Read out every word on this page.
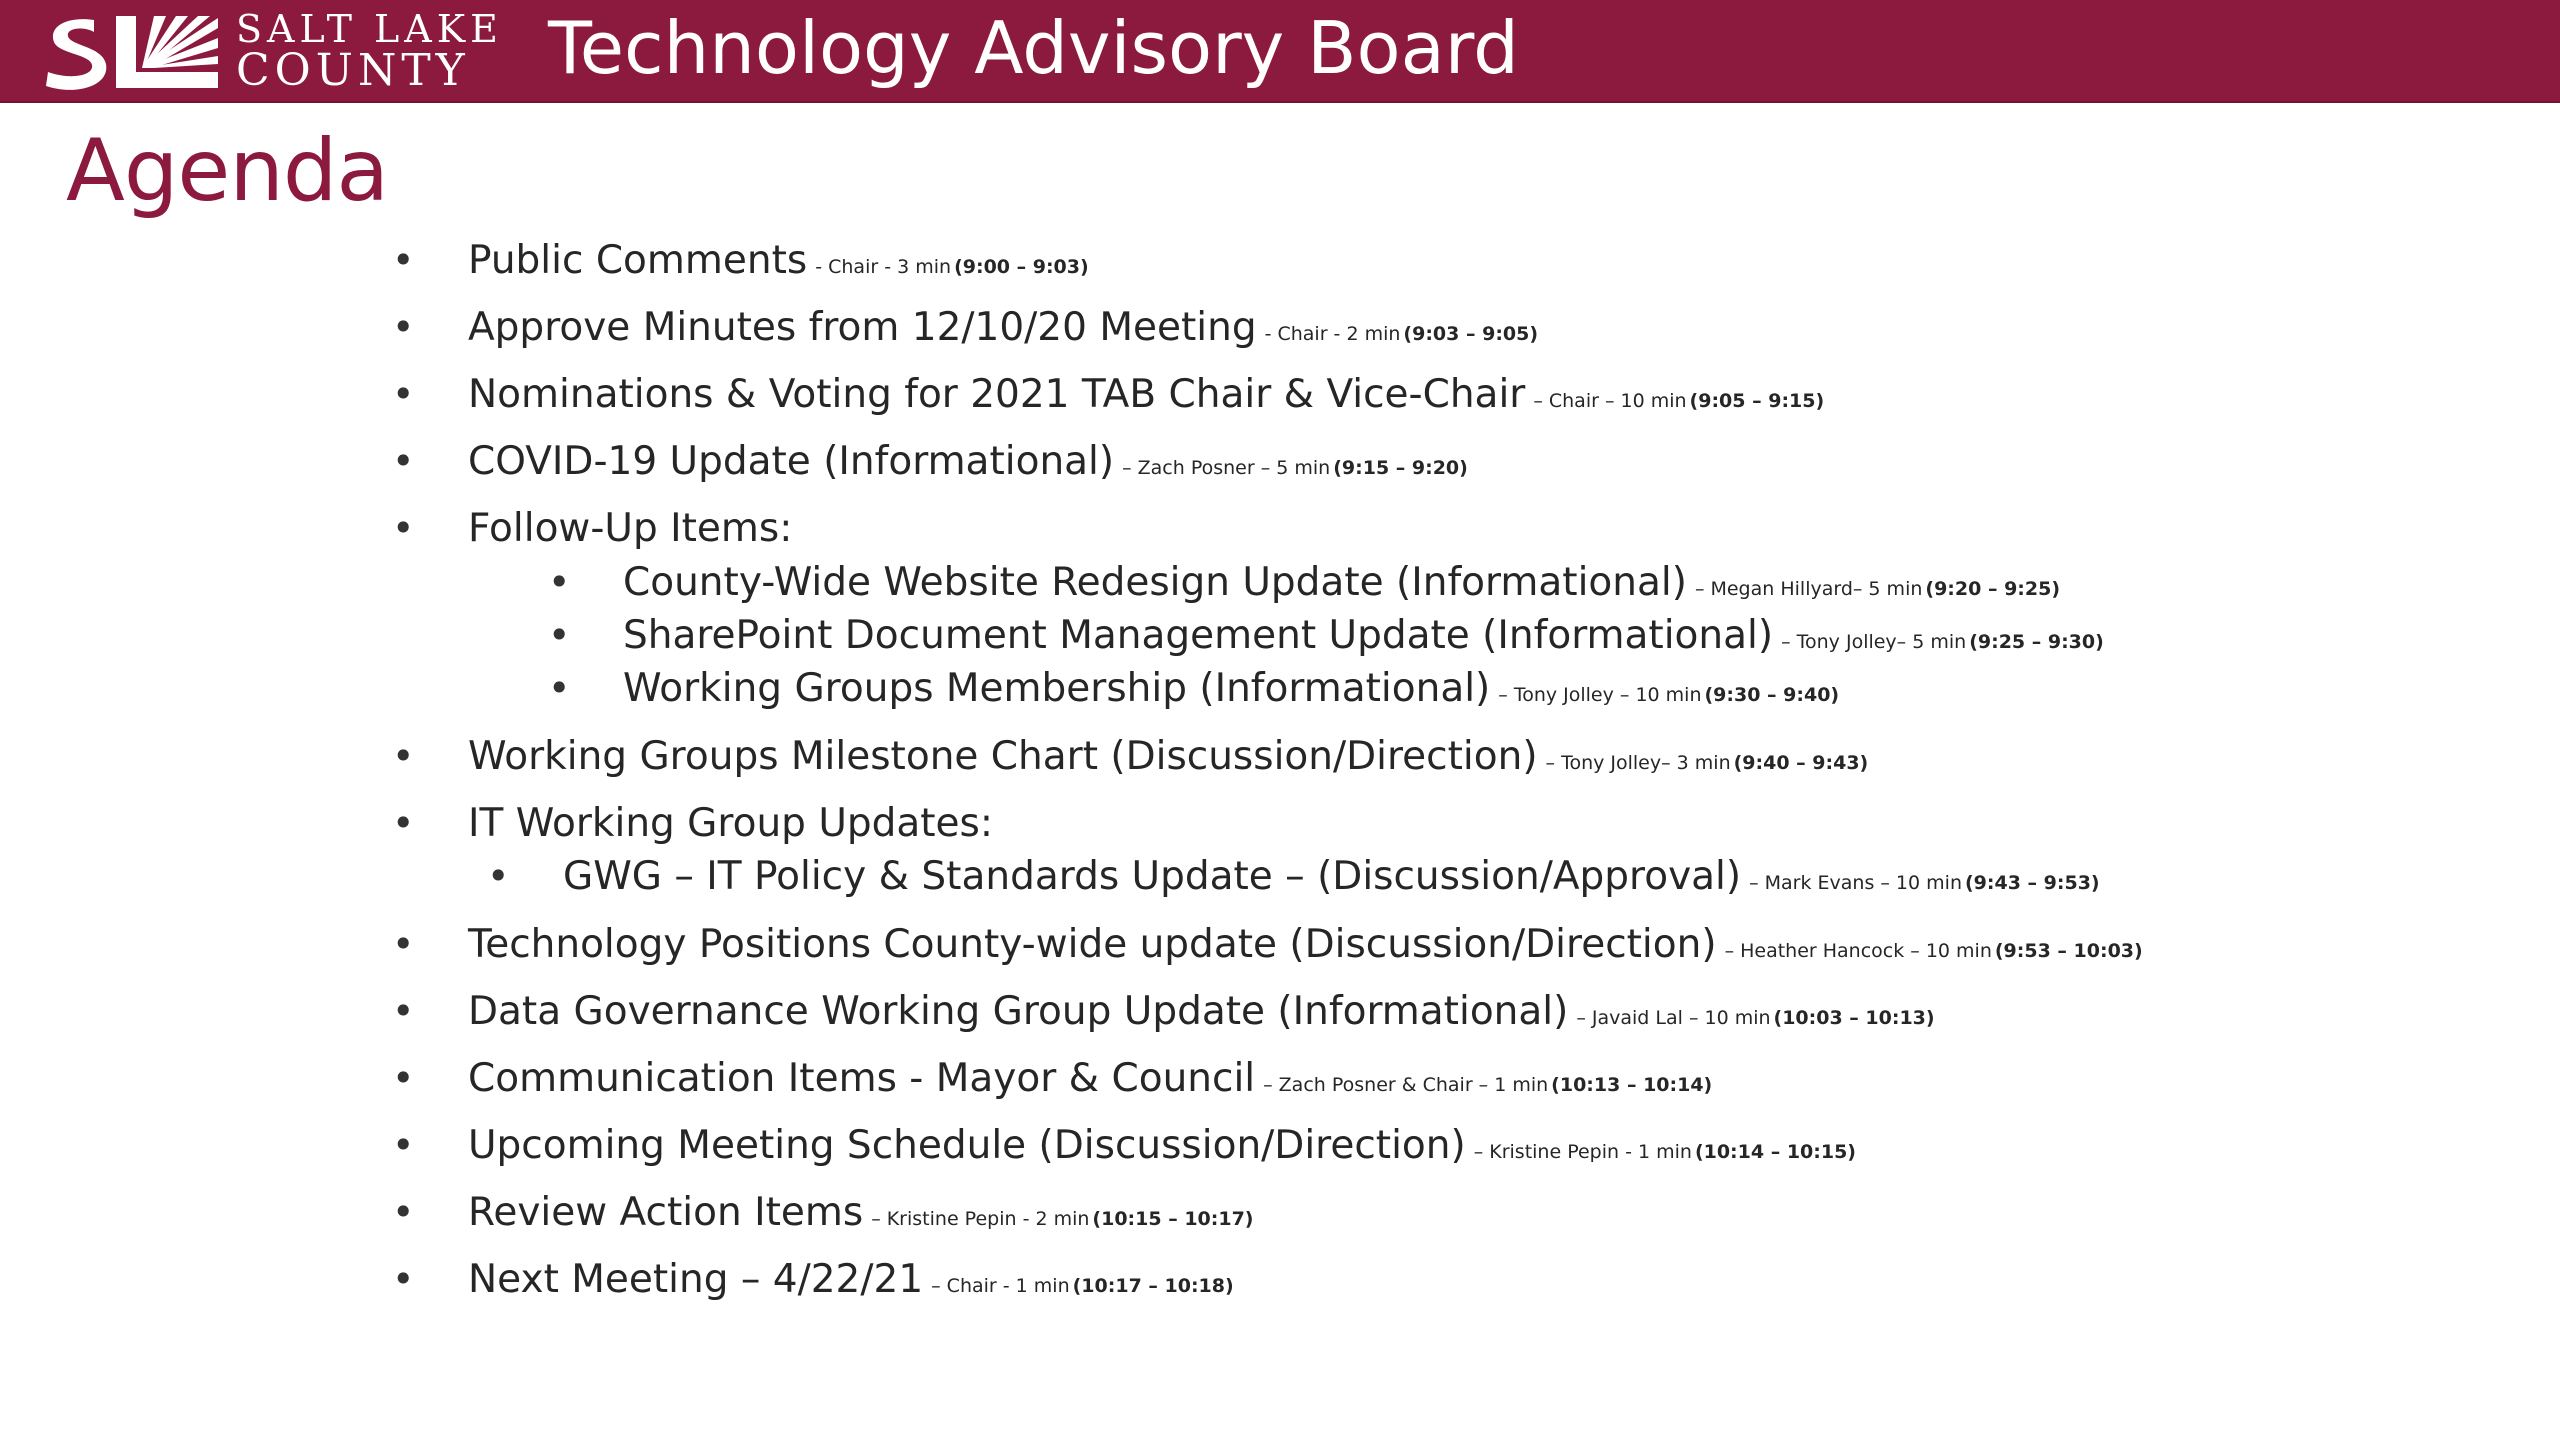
SALT LAKE
COUNTY	Technology Advisory Board
Agenda
• Public Comments - Chair - 3 min (9:00 – 9:03)
• Approve Minutes from 12/10/20 Meeting - Chair - 2 min (9:03 – 9:05)
• Nominations & Voting for 2021 TAB Chair & Vice-Chair – Chair – 10 min (9:05 – 9:15)
• COVID-19 Update (Informational) – Zach Posner – 5 min (9:15 – 9:20)
• Follow-Up Items:
• County-Wide Website Redesign Update (Informational) – Megan Hillyard– 5 min (9:20 – 9:25)
• SharePoint Document Management Update (Informational) – Tony Jolley– 5 min (9:25 – 9:30)
• Working Groups Membership (Informational) – Tony Jolley – 10 min (9:30 – 9:40)
• Working Groups Milestone Chart (Discussion/Direction) – Tony Jolley– 3 min (9:40 – 9:43)
• IT Working Group Updates:
• GWG – IT Policy & Standards Update – (Discussion/Approval) – Mark Evans – 10 min (9:43 – 9:53)
• Technology Positions County-wide update (Discussion/Direction) – Heather Hancock – 10 min (9:53 – 10:03)
• Data Governance Working Group Update (Informational) – Javaid Lal – 10 min (10:03 – 10:13)
• Communication Items - Mayor & Council – Zach Posner & Chair – 1 min (10:13 – 10:14)
• Upcoming Meeting Schedule (Discussion/Direction) – Kristine Pepin - 1 min (10:14 – 10:15)
• Review Action Items – Kristine Pepin - 2 min (10:15 – 10:17)
• Next Meeting – 4/22/21 – Chair - 1 min (10:17 – 10:18)
